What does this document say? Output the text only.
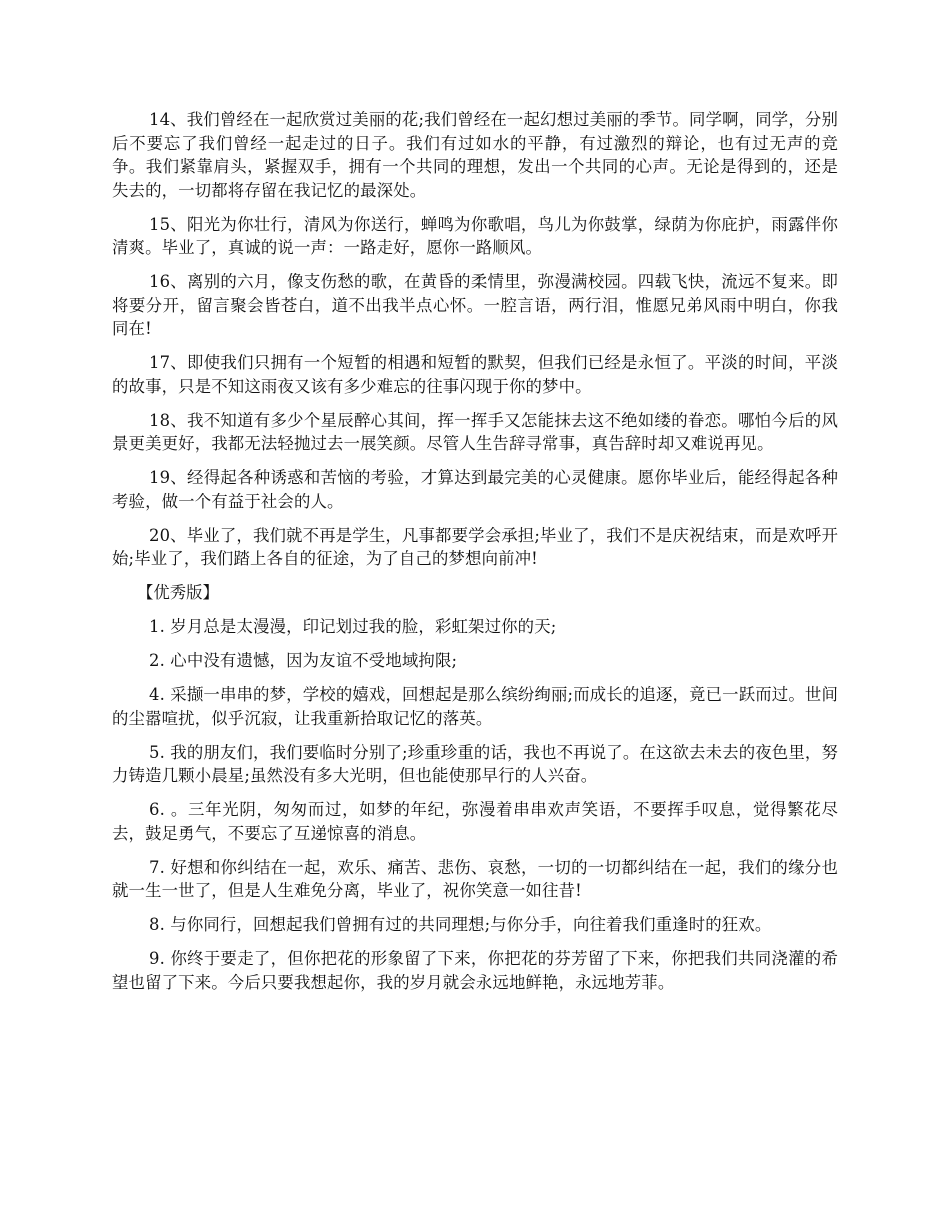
14、我们曾经在一起欣赏过美丽的花;我们曾经在一起幻想过美丽的季节。同学啊，同学，分别后不要忘了我们曾经一起走过的日子。我们有过如水的平静，有过激烈的辩论，也有过无声的竞争。我们紧靠肩头，紧握双手，拥有一个共同的理想，发出一个共同的心声。无论是得到的，还是失去的，一切都将存留在我记忆的最深处。

15、阳光为你壮行，清风为你送行，蝉鸣为你歌唱，鸟儿为你鼓掌，绿荫为你庇护，雨露伴你清爽。毕业了，真诚的说一声：一路走好，愿你一路顺风。

16、离别的六月，像支伤愁的歌，在黄昏的柔情里，弥漫满校园。四载飞快，流远不复来。即将要分开，留言聚会皆苍白，道不出我半点心怀。一腔言语，两行泪，惟愿兄弟风雨中明白，你我同在!

17、即使我们只拥有一个短暂的相遇和短暂的默契，但我们已经是永恒了。平淡的时间，平淡的故事，只是不知这雨夜又该有多少难忘的往事闪现于你的梦中。

18、我不知道有多少个星辰醉心其间，挥一挥手又怎能抹去这不绝如缕的眷恋。哪怕今后的风景更美更好，我都无法轻抛过去一展笑颜。尽管人生告辞寻常事，真告辞时却又难说再见。

19、经得起各种诱惑和苦恼的考验，才算达到最完美的心灵健康。愿你毕业后，能经得起各种考验，做一个有益于社会的人。

20、毕业了，我们就不再是学生，凡事都要学会承担;毕业了，我们不是庆祝结束，而是欢呼开始;毕业了，我们踏上各自的征途，为了自己的梦想向前冲!

【优秀版】

1. 岁月总是太漫漫，印记划过我的脸，彩虹架过你的天;

2. 心中没有遗憾，因为友谊不受地域拘限;

4. 采撷一串串的梦，学校的嬉戏，回想起是那么缤纷绚丽;而成长的追逐，竟已一跃而过。世间的尘嚣喧扰，似乎沉寂，让我重新拾取记忆的落英。

5. 我的朋友们，我们要临时分别了;珍重珍重的话，我也不再说了。在这欲去未去的夜色里，努力铸造几颗小晨星;虽然没有多大光明，但也能使那早行的人兴奋。

6. 。三年光阴，匆匆而过，如梦的年纪，弥漫着串串欢声笑语，不要挥手叹息，觉得繁花尽去，鼓足勇气，不要忘了互递惊喜的消息。

7. 好想和你纠结在一起，欢乐、痛苦、悲伤、哀愁，一切的一切都纠结在一起，我们的缘分也就一生一世了，但是人生难免分离，毕业了，祝你笑意一如往昔!

8. 与你同行，回想起我们曾拥有过的共同理想;与你分手，向往着我们重逢时的狂欢。

9. 你终于要走了，但你把花的形象留了下来，你把花的芬芳留了下来，你把我们共同浇灌的希望也留了下来。今后只要我想起你，我的岁月就会永远地鲜艳，永远地芳菲。
